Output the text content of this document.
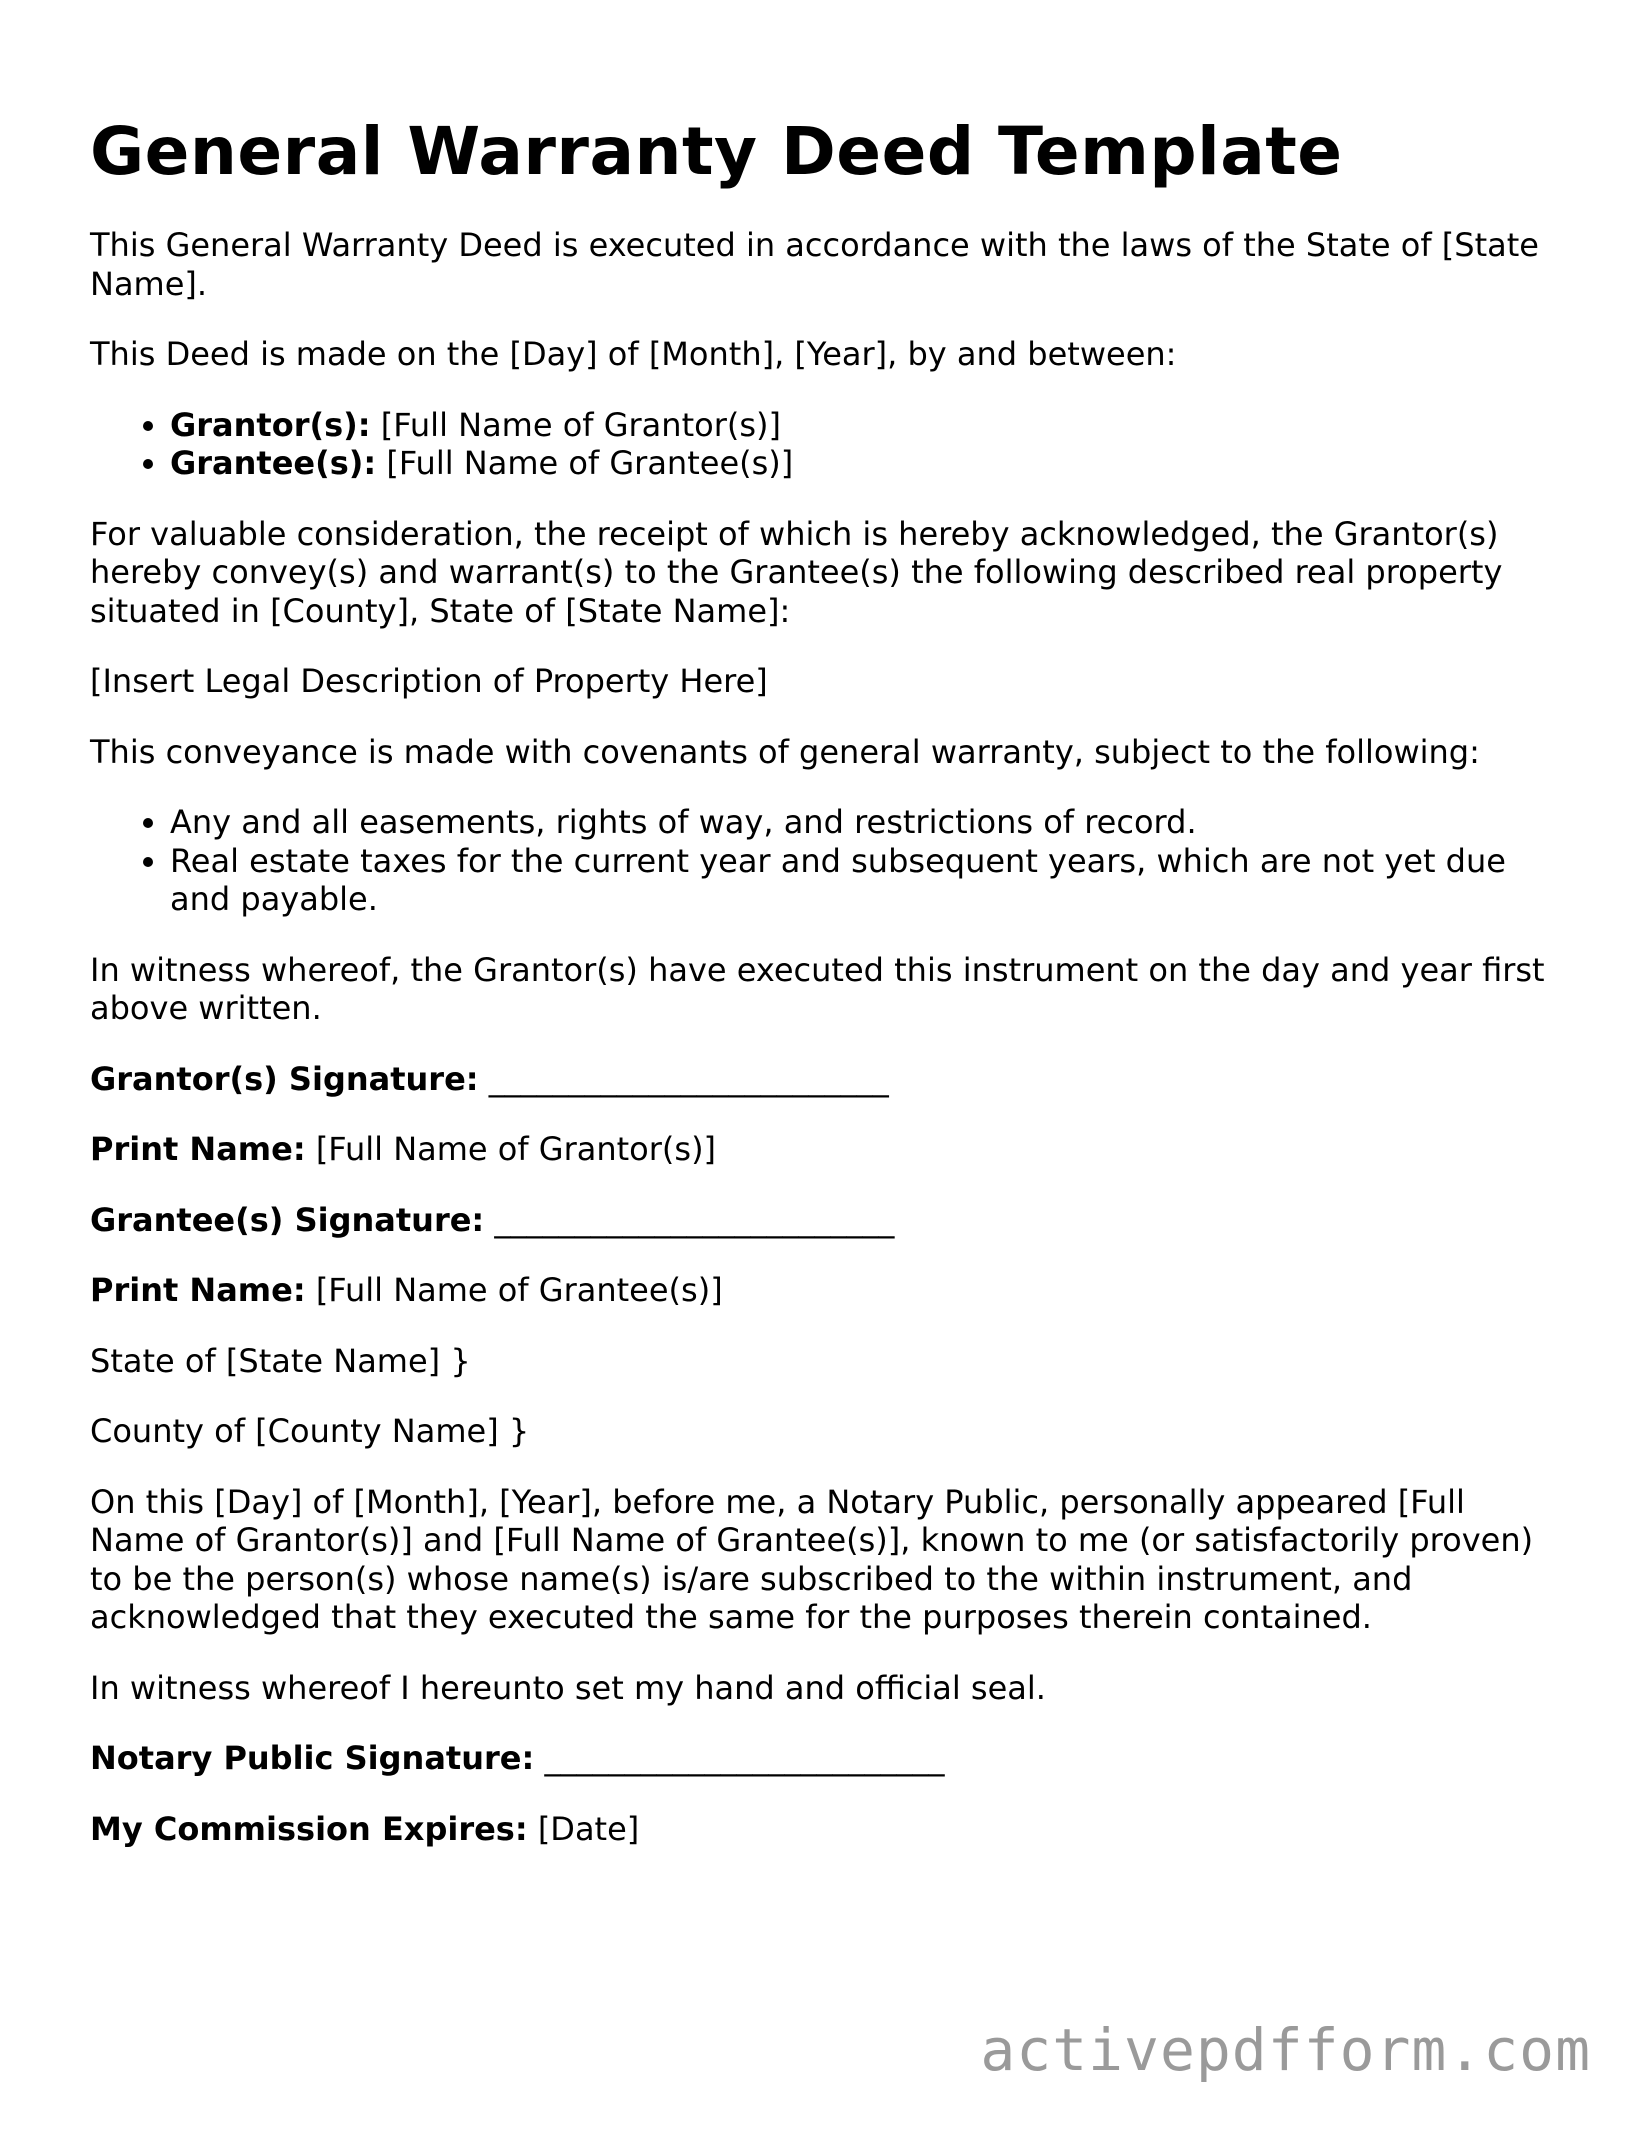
General Warranty Deed Template

This General Warranty Deed is executed in accordance with the laws of the State of [State Name].

This Deed is made on the [Day] of [Month], [Year], by and between:

• Grantor(s): [Full Name of Grantor(s)]
• Grantee(s): [Full Name of Grantee(s)]

For valuable consideration, the receipt of which is hereby acknowledged, the Grantor(s) hereby convey(s) and warrant(s) to the Grantee(s) the following described real property situated in [County], State of [State Name]:

[Insert Legal Description of Property Here]

This conveyance is made with covenants of general warranty, subject to the following:

• Any and all easements, rights of way, and restrictions of record.
• Real estate taxes for the current year and subsequent years, which are not yet due and payable.

In witness whereof, the Grantor(s) have executed this instrument on the day and year first above written.

Grantor(s) Signature: _________________________

Print Name: [Full Name of Grantor(s)]

Grantee(s) Signature: _________________________

Print Name: [Full Name of Grantee(s)]

State of [State Name] }

County of [County Name] }

On this [Day] of [Month], [Year], before me, a Notary Public, personally appeared [Full Name of Grantor(s)] and [Full Name of Grantee(s)], known to me (or satisfactorily proven) to be the person(s) whose name(s) is/are subscribed to the within instrument, and acknowledged that they executed the same for the purposes therein contained.

In witness whereof I hereunto set my hand and official seal.

Notary Public Signature: _________________________

My Commission Expires: [Date]

activepdfform.com
